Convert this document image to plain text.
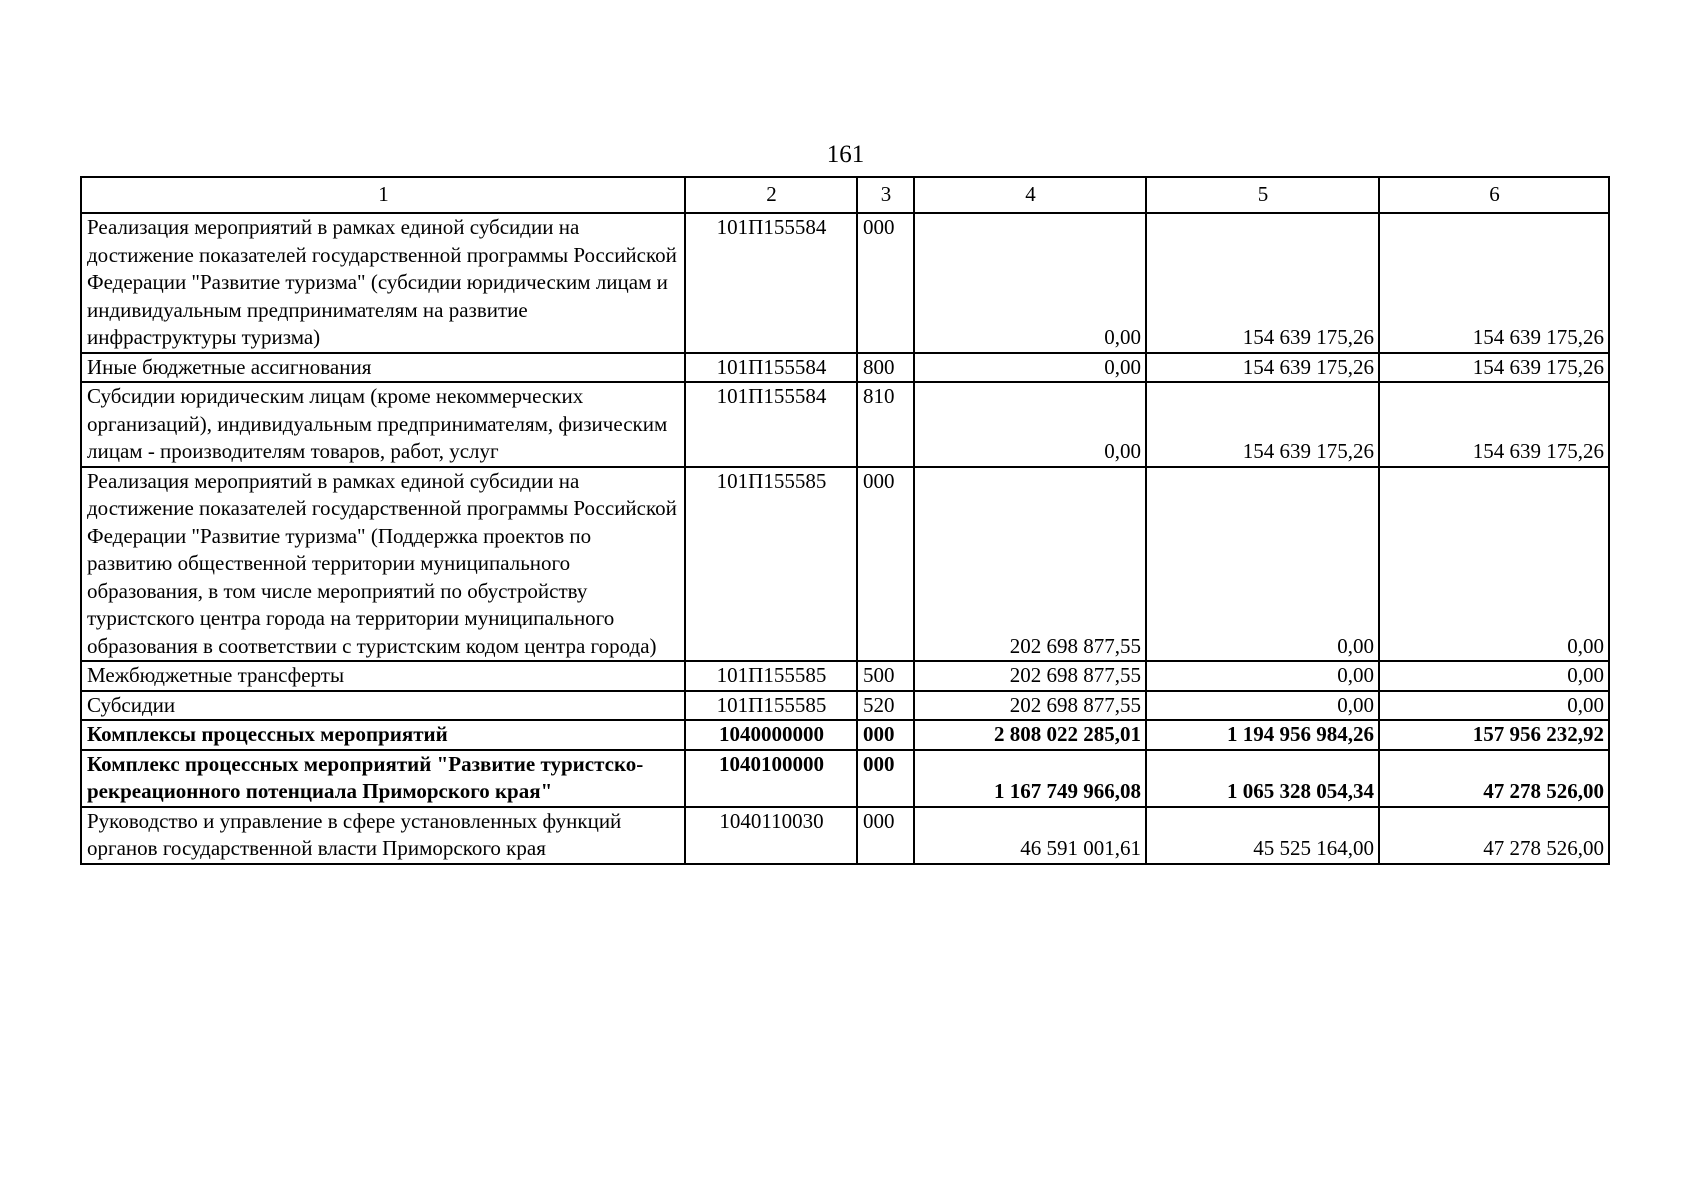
161
1	2	3	4	5	6
Реализация мероприятий в рамках единой субсидии на достижение показателей государственной программы Российской Федерации "Развитие туризма" (субсидии юридическим лицам и индивидуальным предпринимателям на развитие инфраструктуры туризма)	101П155584	000	0,00	154 639 175,26	154 639 175,26
Иные бюджетные ассигнования	101П155584	800	0,00	154 639 175,26	154 639 175,26
Субсидии юридическим лицам (кроме некоммерческих организаций), индивидуальным предпринимателям, физическим лицам - производителям товаров, работ, услуг	101П155584	810	0,00	154 639 175,26	154 639 175,26
Реализация мероприятий в рамках единой субсидии на достижение показателей государственной программы Российской Федерации "Развитие туризма" (Поддержка проектов по развитию общественной территории муниципального образования, в том числе мероприятий по обустройству туристского центра города на территории муниципального образования в соответствии с туристским кодом центра города)	101П155585	000	202 698 877,55	0,00	0,00
Межбюджетные трансферты	101П155585	500	202 698 877,55	0,00	0,00
Субсидии	101П155585	520	202 698 877,55	0,00	0,00
Комплексы процессных мероприятий	1040000000	000	2 808 022 285,01	1 194 956 984,26	157 956 232,92
Комплекс процессных мероприятий "Развитие туристско-рекреационного потенциала Приморского края"	1040100000	000	1 167 749 966,08	1 065 328 054,34	47 278 526,00
Руководство и управление в сфере установленных функций органов государственной власти Приморского края	1040110030	000	46 591 001,61	45 525 164,00	47 278 526,00
